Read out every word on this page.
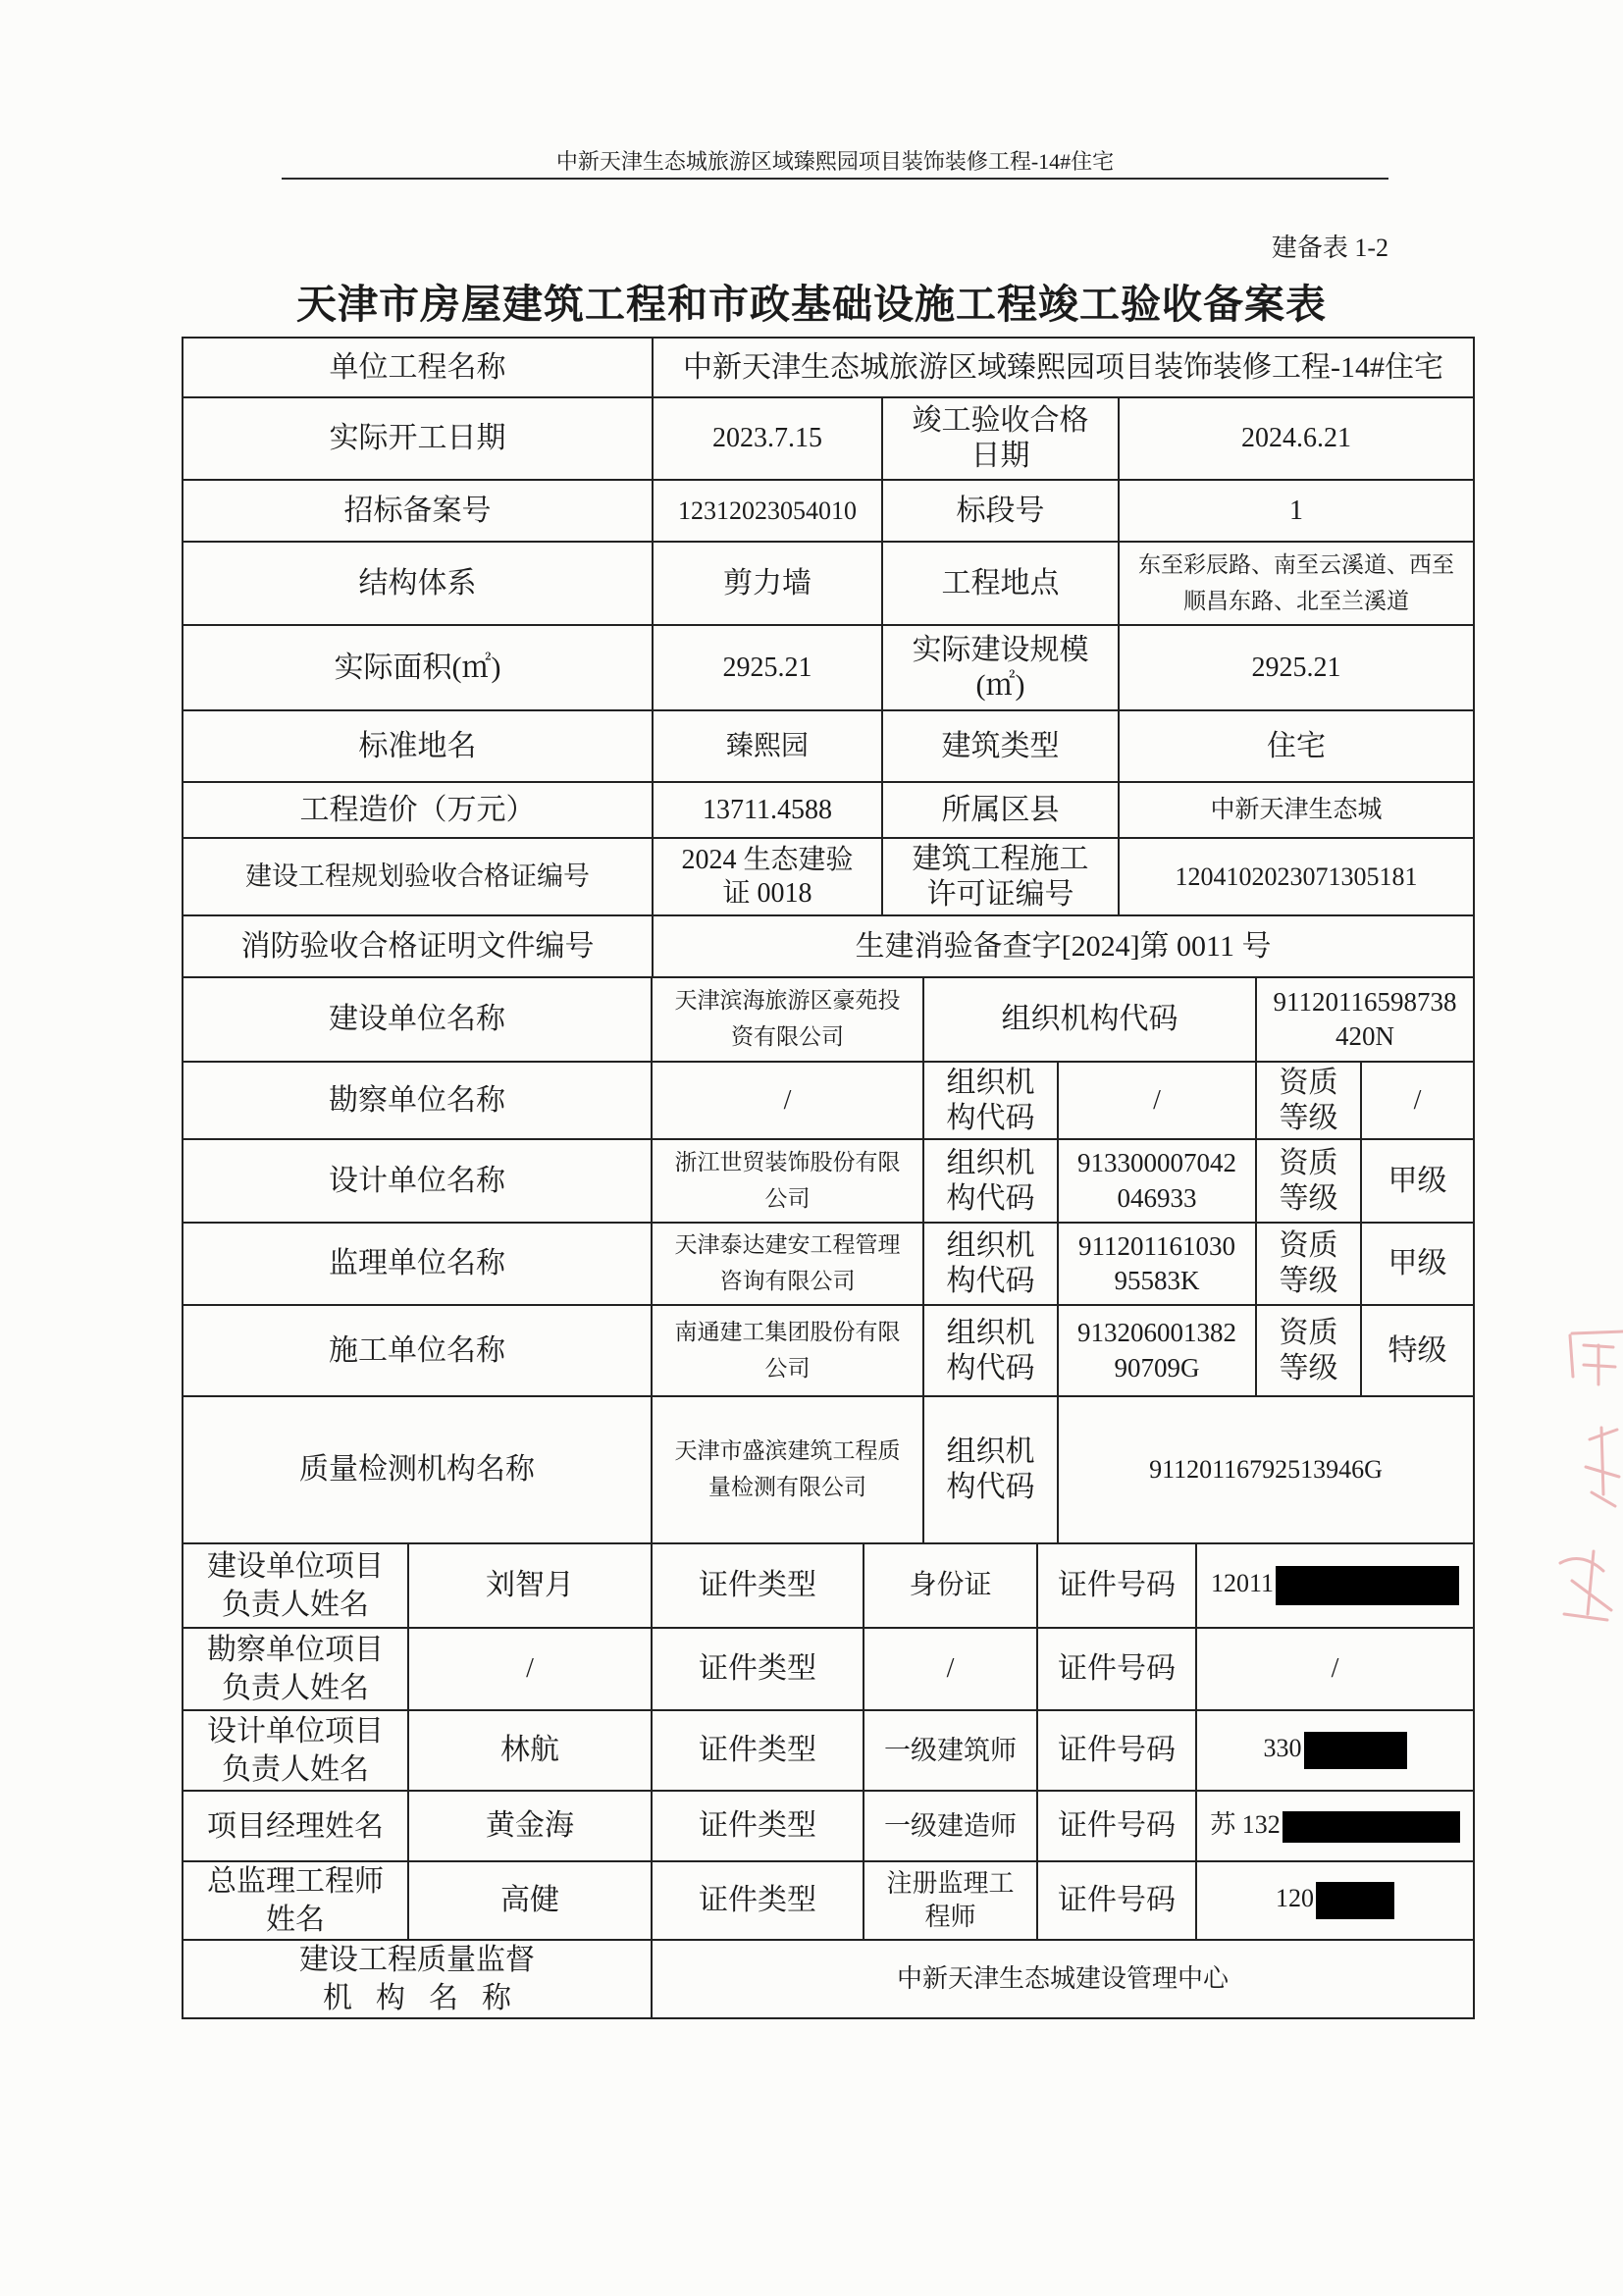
中新天津生态城旅游区域臻熙园项目装饰装修工程-14#住宅
建备表 1-2
天津市房屋建筑工程和市政基础设施工程竣工验收备案表
单位工程名称	中新天津生态城旅游区域臻熙园项目装饰装修工程-14#住宅		
实际开工日期	2023.7.15	竣工验收合格日期	2024.6.21
招标备案号	12312023054010	标段号	1
结构体系	剪力墙	工程地点	东至彩辰路、南至云溪道、西至顺昌东路、北至兰溪道
实际面积(㎡)	2925.21	实际建设规模(㎡)	2925.21
标准地名	臻熙园	建筑类型	住宅
工程造价（万元）	13711.4588	所属区县	中新天津生态城
建设工程规划验收合格证编号	2024 生态建验证 0018	建筑工程施工许可证编号	1204102023071305181
消防验收合格证明文件编号	生建消验备查字[2024]第 0011 号		
建设单位名称	天津滨海旅游区豪苑投资有限公司	组织机构代码		91120116598738420N	
勘察单位名称	/	组织机构代码	/	资质等级	/
设计单位名称	浙江世贸装饰股份有限公司	组织机构代码	913300007042046933	资质等级	甲级
监理单位名称	天津泰达建安工程管理咨询有限公司	组织机构代码	91120116103095583K	资质等级	甲级
施工单位名称	南通建工集团股份有限公司	组织机构代码	91320600138290709G	资质等级	特级
质量检测机构名称	天津市盛滨建筑工程质量检测有限公司	组织机构代码	91120116792513946G		
建设单位项目负责人姓名	刘智月	证件类型	身份证	证件号码	12011
勘察单位项目负责人姓名	/	证件类型	/	证件号码	/
设计单位项目负责人姓名	林航	证件类型	一级建筑师	证件号码	330
项目经理姓名	黄金海	证件类型	一级建造师	证件号码	苏 132
总监理工程师姓名	高健	证件类型	注册监理工程师	证件号码	120
建设工程质量监督
机 构 名 称		中新天津生态城建设管理中心			
